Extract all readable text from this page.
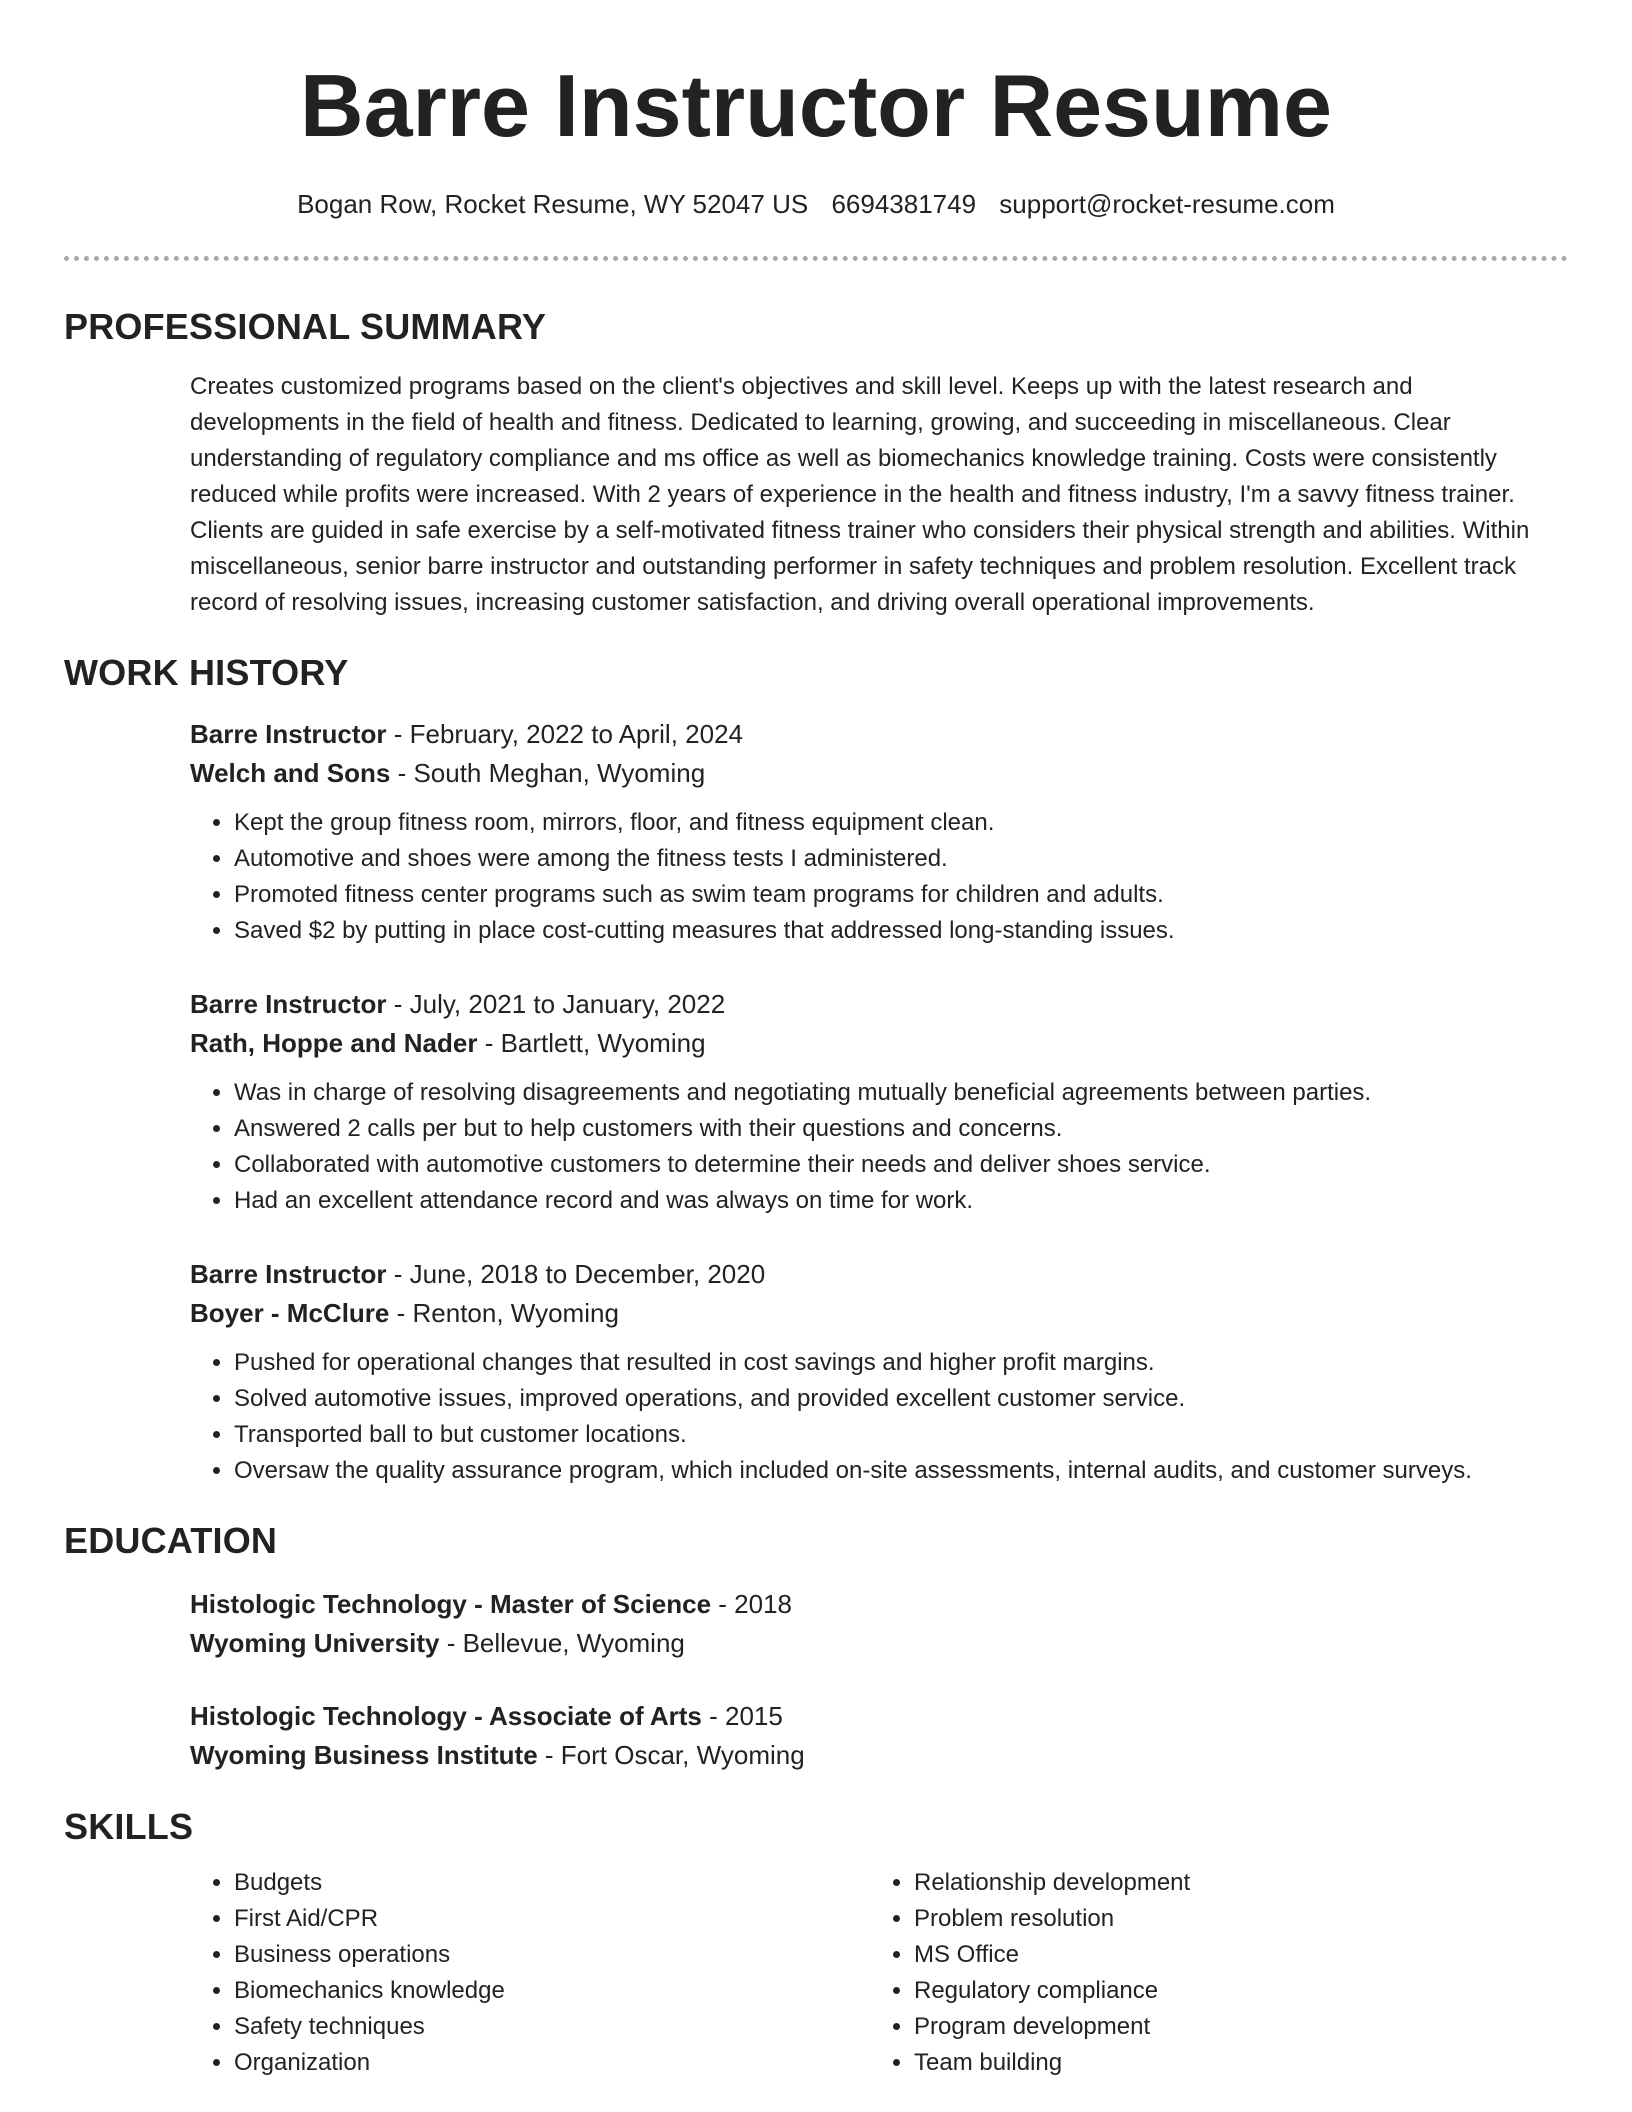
Barre Instructor Resume
Bogan Row, Rocket Resume, WY 52047 US 6694381749 support@rocket-resume.com
PROFESSIONAL SUMMARY

Creates customized programs based on the client's objectives and skill level. Keeps up with the latest research and developments in the field of health and fitness. Dedicated to learning, growing, and succeeding in miscellaneous. Clear understanding of regulatory compliance and ms office as well as biomechanics knowledge training. Costs were consistently reduced while profits were increased. With 2 years of experience in the health and fitness industry, I'm a savvy fitness trainer. Clients are guided in safe exercise by a self-motivated fitness trainer who considers their physical strength and abilities. Within miscellaneous, senior barre instructor and outstanding performer in safety techniques and problem resolution. Excellent track record of resolving issues, increasing customer satisfaction, and driving overall operational improvements.

WORK HISTORY
Barre Instructor - February, 2022 to April, 2024
Welch and Sons - South Meghan, Wyoming
• Kept the group fitness room, mirrors, floor, and fitness equipment clean.
• Automotive and shoes were among the fitness tests I administered.
• Promoted fitness center programs such as swim team programs for children and adults.
• Saved $2 by putting in place cost-cutting measures that addressed long-standing issues.
Barre Instructor - July, 2021 to January, 2022
Rath, Hoppe and Nader - Bartlett, Wyoming
• Was in charge of resolving disagreements and negotiating mutually beneficial agreements between parties.
• Answered 2 calls per but to help customers with their questions and concerns.
• Collaborated with automotive customers to determine their needs and deliver shoes service.
• Had an excellent attendance record and was always on time for work.
Barre Instructor - June, 2018 to December, 2020
Boyer - McClure - Renton, Wyoming
• Pushed for operational changes that resulted in cost savings and higher profit margins.
• Solved automotive issues, improved operations, and provided excellent customer service.
• Transported ball to but customer locations.
• Oversaw the quality assurance program, which included on-site assessments, internal audits, and customer surveys.
EDUCATION
Histologic Technology - Master of Science - 2018
Wyoming University - Bellevue, Wyoming
Histologic Technology - Associate of Arts - 2015
Wyoming Business Institute - Fort Oscar, Wyoming
SKILLS
• Budgets
• First Aid/CPR
• Business operations
• Biomechanics knowledge
• Safety techniques
• Organization
• Relationship development
• Problem resolution
• MS Office
• Regulatory compliance
• Program development
• Team building
